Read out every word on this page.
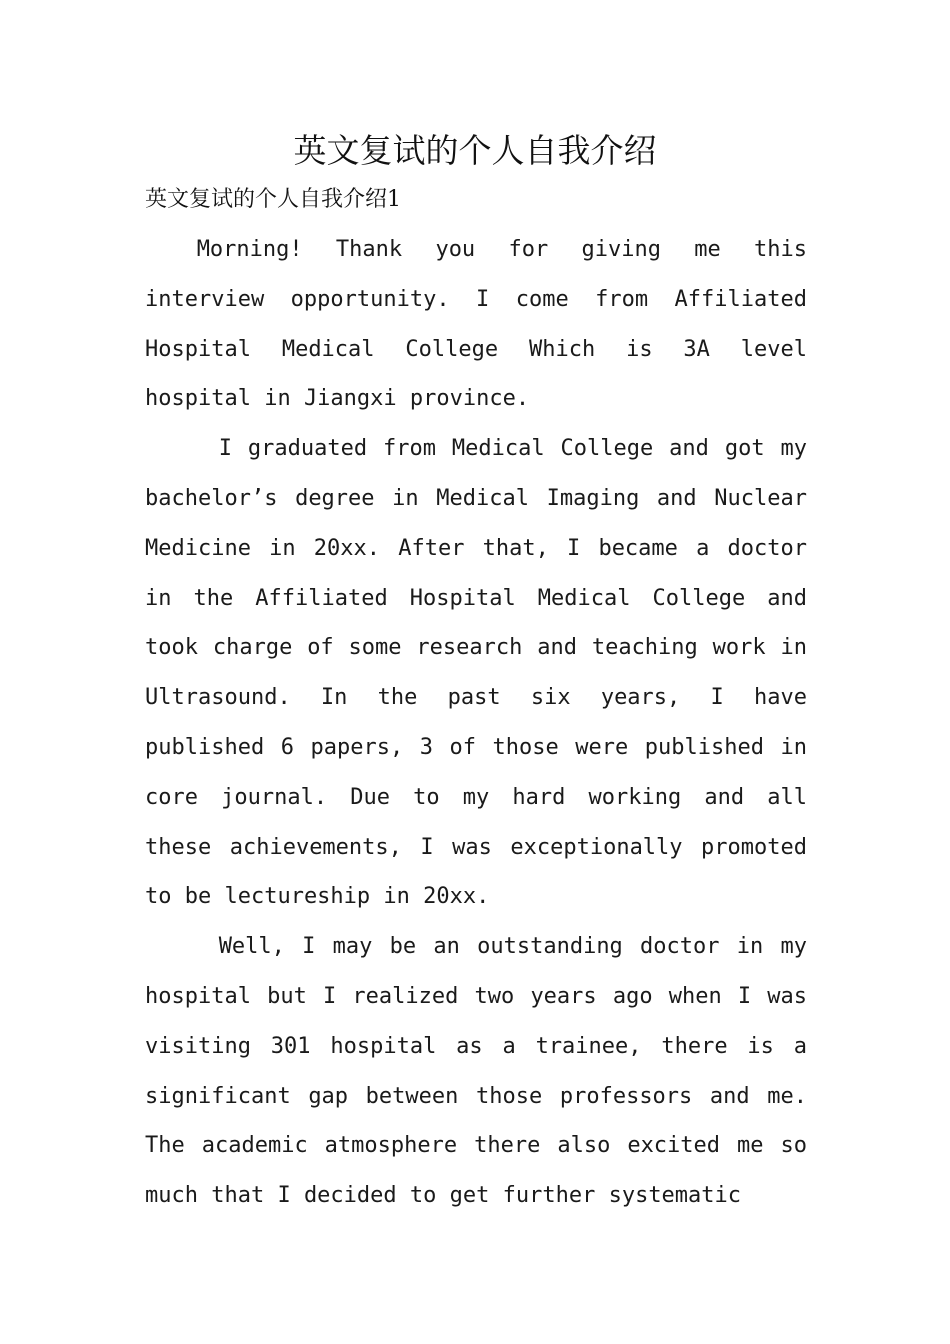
英文复试的个人自我介绍
英文复试的个人自我介绍1

Morning! Thank you for giving me this interview opportunity. I come from Affiliated Hospital Medical College Which is 3A level hospital in Jiangxi province.

I graduated from Medical College and got my bachelor’s degree in Medical Imaging and Nuclear Medicine in 20xx. After that, I became a doctor in the Affiliated Hospital Medical College and took charge of some research and teaching work in Ultrasound. In the past six years, I have published 6 papers, 3 of those were published in core journal. Due to my hard working and all these achievements, I was exceptionally promoted to be lectureship in 20xx.

Well, I may be an outstanding doctor in my hospital but I realized two years ago when I was visiting 301 hospital as a trainee, there is a significant gap between those professors and me. The academic atmosphere there also excited me so much that I decided to get further systematic
